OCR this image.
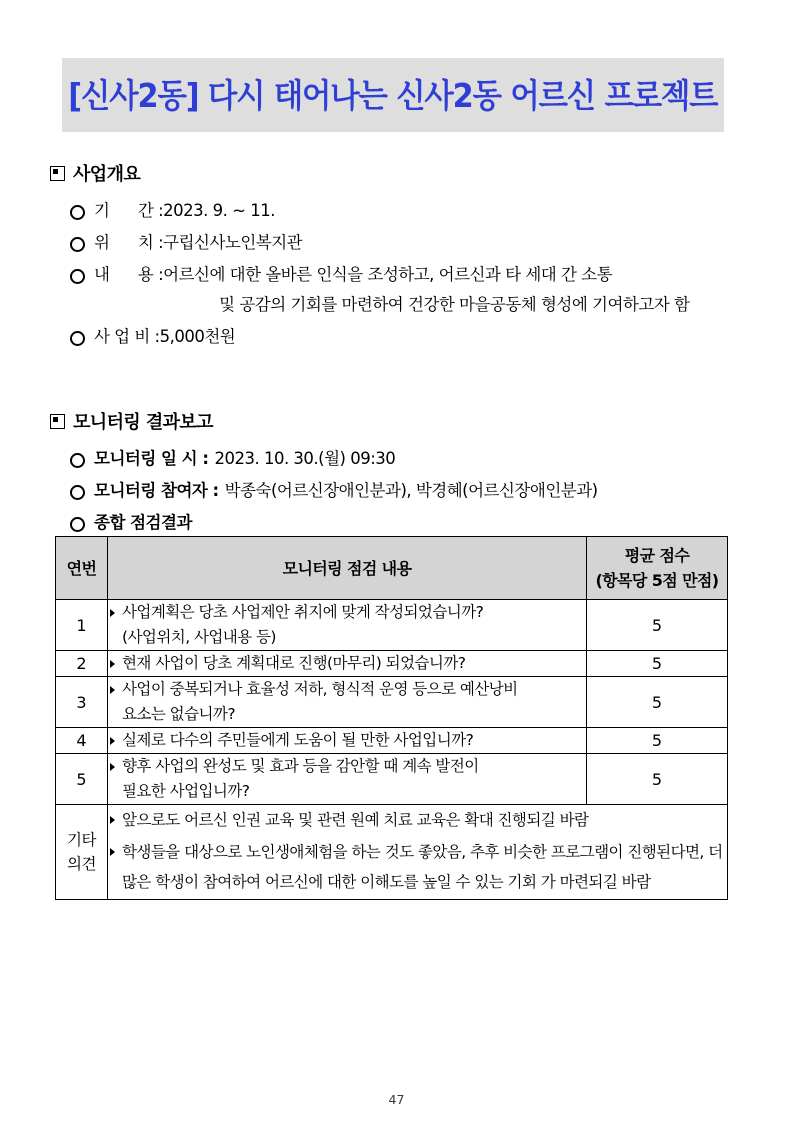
[신사2동] 다시 태어나는 신사2동 어르신 프로젝트
사업개요
기      간 : 2023. 9. ~ 11.
위      치 : 구립신사노인복지관
내      용 : 어르신에 대한 올바른 인식을 조성하고, 어르신과 타 세대 간 소통
및 공감의 기회를 마련하여 건강한 마을공동체 형성에 기여하고자 함
사 업 비 : 5,000천원
모니터링 결과보고
모니터링 일 시 : 2023. 10. 30.(월) 09:30
모니터링 참여자 : 박종숙(어르신장애인분과), 박경혜(어르신장애인분과)
종합 점검결과
연번	모니터링 점검 내용	평균 점수
(항목당 5점 만점)

1	사업계획은 당초 사업제안 취지에 맞게 작성되었습니까?
(사업위치, 사업내용 등)	5
2	현재 사업이 당초 계획대로 진행(마무리) 되었습니까?	5
3	사업이 중복되거나 효율성 저하, 형식적 운영 등으로 예산낭비
요소는 없습니까?	5
4	실제로 다수의 주민들에게 도움이 될 만한 사업입니까?	5
5	향후 사업의 완성도 및 효과 등을 감안할 때 계속 발전이
필요한 사업입니까?	5

기타
의견

앞으로도 어르신 인권 교육 및 관련 원예 치료 교육은 확대 진행되길 바람
학생들을 대상으로 노인생애체험을 하는 것도 좋았음, 추후 비슷한 프로그램이 진행된다면, 더 많은 학생이 참여하여 어르신에 대한 이해도를 높일 수 있는 기회 가 마련되길 바람
47
